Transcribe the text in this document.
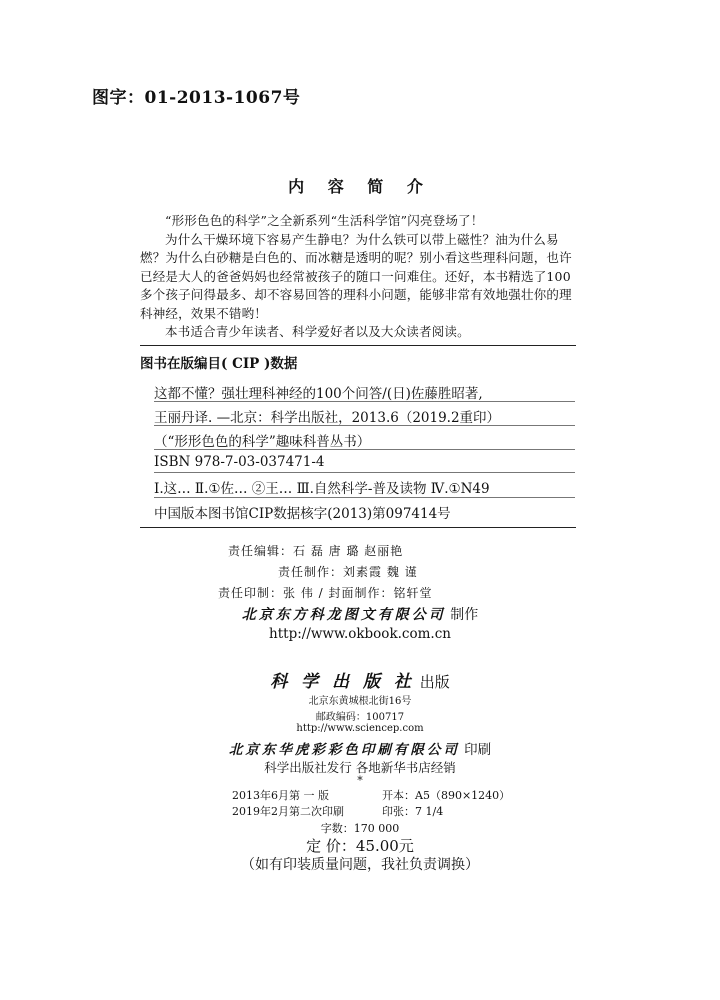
图字：01-2013-1067号
内 容 简 介

“形形色色的科学”之全新系列“生活科学馆”闪亮登场了！

为什么干燥环境下容易产生静电？为什么铁可以带上磁性？油为什么易燃？为什么白砂糖是白色的、而冰糖是透明的呢？别小看这些理科问题，也许已经是大人的爸爸妈妈也经常被孩子的随口一问难住。还好，本书精选了100多个孩子问得最多、却不容易回答的理科小问题，能够非常有效地强壮你的理科神经，效果不错哟！

本书适合青少年读者、科学爱好者以及大众读者阅读。

图书在版编目( CIP )数据
这都不懂？强壮理科神经的100个问答/(日)佐藤胜昭著,
王丽丹译. —北京：科学出版社，2013.6（2019.2重印）
（“形形色色的科学”趣味科普丛书）
ISBN 978-7-03-037471-4
Ⅰ.这… Ⅱ.①佐… ②王… Ⅲ.自然科学-普及读物 Ⅳ.①N49
中国版本图书馆CIP数据核字(2013)第097414号
责任编辑：石 磊 唐 璐 赵丽艳
责任制作：刘素霞 魏 谨
责任印制：张 伟 / 封面制作：铭轩堂
北京东方科龙图文有限公司 制作
http://www.okbook.com.cn
科 学 出 版 社 出版
北京东黄城根北街16号
邮政编码：100717
http://www.sciencep.com
北京东华虎彩彩色印刷有限公司 印刷
科学出版社发行 各地新华书店经销
*
2013年6月第 一 版	开本：A5（890×1240）
2019年2月第二次印刷	印张：7 1/4
字数：170 000
定 价：45.00元
（如有印装质量问题，我社负责调换）
